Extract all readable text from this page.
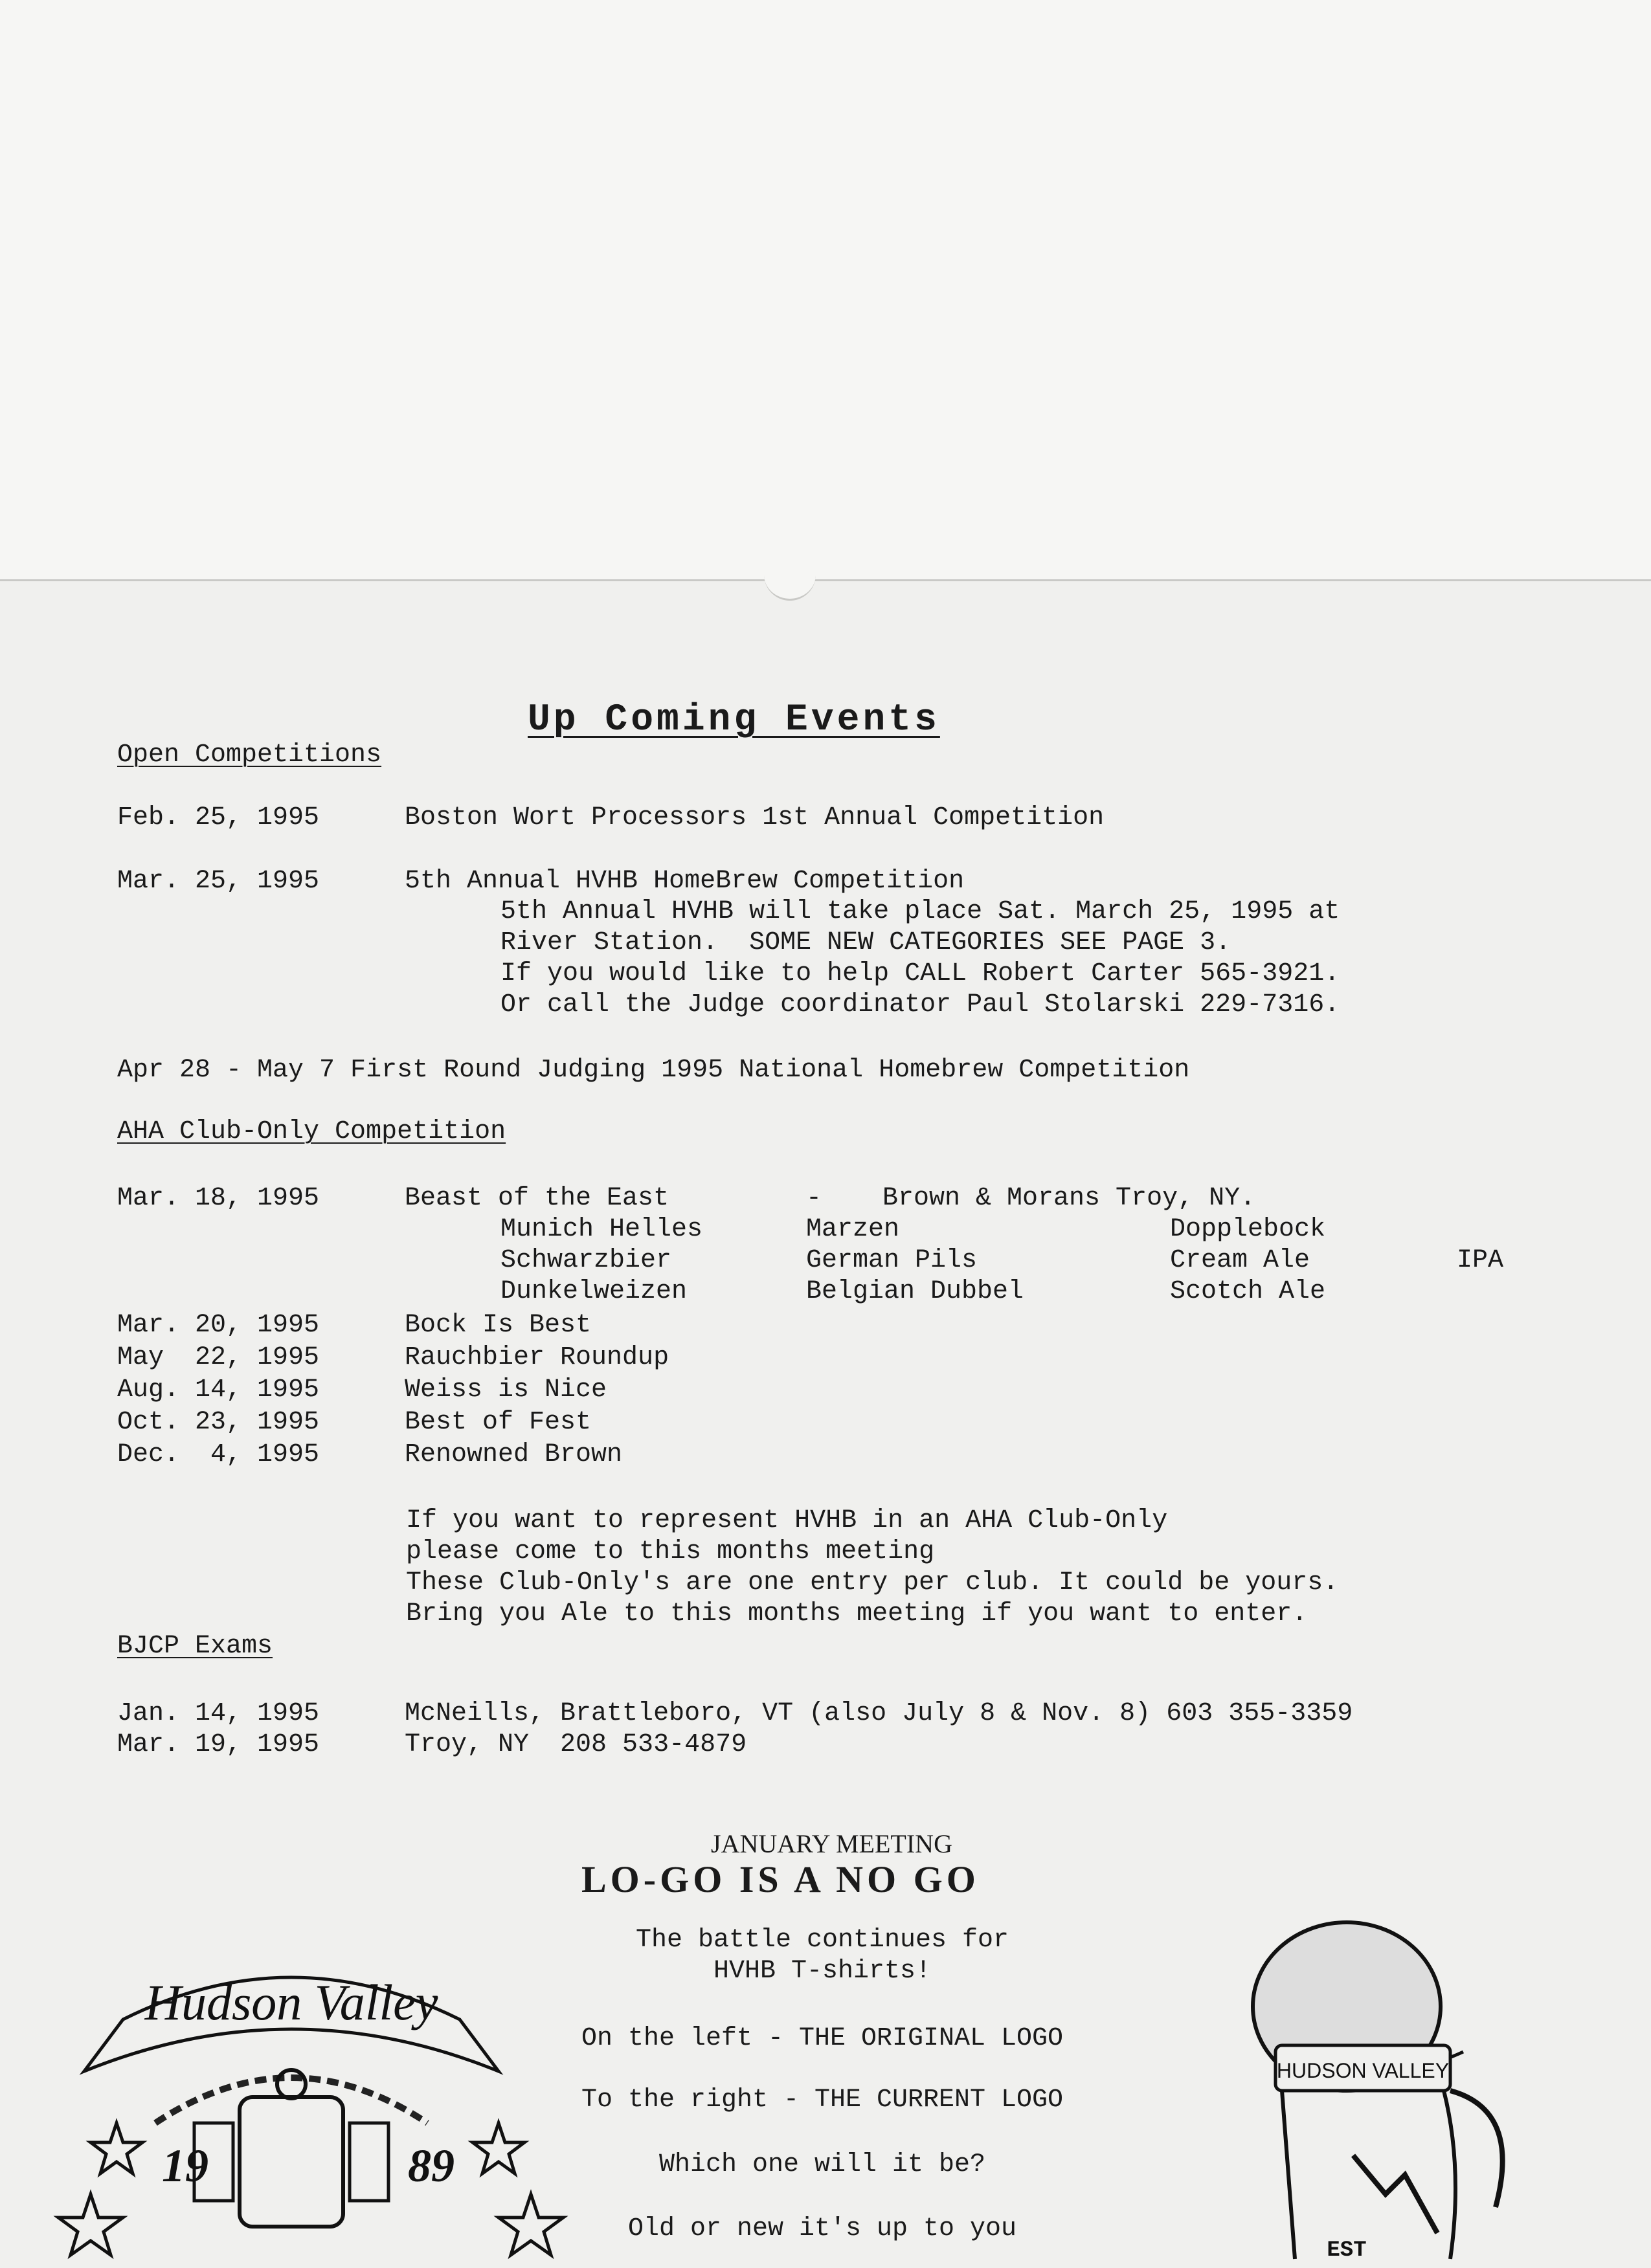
Up Coming Events
Open Competitions
Feb. 25, 1995	Boston Wort Processors 1st Annual Competition
Mar. 25, 1995	5th Annual HVHB HomeBrew Competition
5th Annual HVHB will take place Sat. March 25, 1995 at
River Station.  SOME NEW CATEGORIES SEE PAGE 3.
If you would like to help CALL Robert Carter 565-3921.
Or call the Judge coordinator Paul Stolarski 229-7316.
Apr 28 - May 7 First Round Judging 1995 National Homebrew Competition
AHA Club-Only Competition
Mar. 18, 1995	Beast of the East	- Brown & Morans Troy, NY.
Munich Helles	Marzen	Dopplebock
Schwarzbier	German Pils	Cream Ale	IPA
Dunkelweizen	Belgian Dubbel	Scotch Ale
Mar. 20, 1995	Bock Is Best
May  22, 1995	Rauchbier Roundup
Aug. 14, 1995	Weiss is Nice
Oct. 23, 1995	Best of Fest
Dec.  4, 1995	Renowned Brown
If you want to represent HVHB in an AHA Club-Only
please come to this months meeting
These Club-Only's are one entry per club. It could be yours.
Bring you Ale to this months meeting if you want to enter.
BJCP Exams
Jan. 14, 1995	McNeills, Brattleboro, VT (also July 8 & Nov. 8) 603 355-3359
Mar. 19, 1995	Troy, NY  208 533-4879
JANUARY MEETING
LO-GO IS A NO GO
The battle continues for
HVHB T-shirts!
On the left - THE ORIGINAL LOGO
To the right - THE CURRENT LOGO
Which one will it be?
Old or new it's up to you
Hudson Valley
19	89
HUDSON VALLEY
EST
